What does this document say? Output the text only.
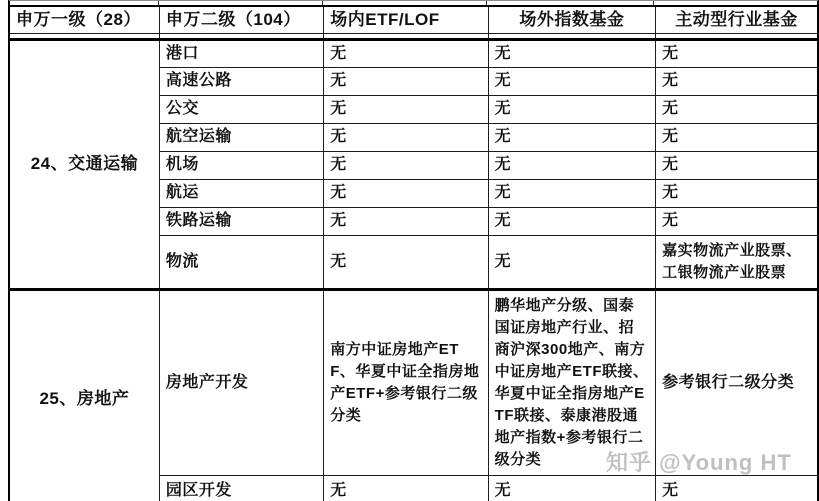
申万一级（28）	申万二级（104）	场内ETF/LOF	场外指数基金	主动型行业基金

24、交通运输	港口	无	无	无
	高速公路	无	无	无
	公交	无	无	无
	航空运输	无	无	无
	机场	无	无	无
	航运	无	无	无
	铁路运输	无	无	无
	物流	无	无	嘉实物流产业股票、工银物流产业股票
25、房地产	房地产开发	南方中证房地产ETF、华夏中证全指房地产ETF+参考银行二级分类	鹏华地产分级、国泰国证房地产行业、招商沪深300地产、南方中证房地产ETF联接、华夏中证全指房地产ETF联接、泰康港股通地产指数+参考银行二级分类	参考银行二级分类
	园区开发	无	无	无
知乎 @Young HT
